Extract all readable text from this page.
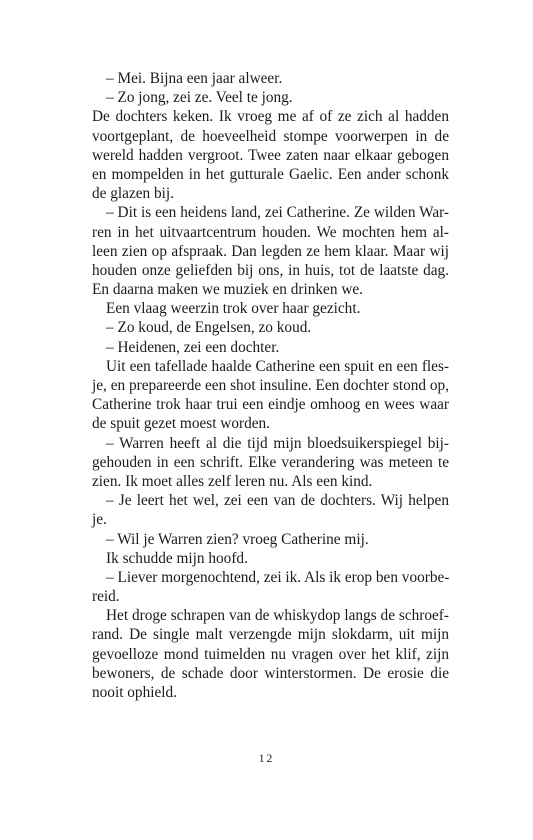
– Mei. Bijna een jaar alweer.
– Zo jong, zei ze. Veel te jong.
De dochters keken. Ik vroeg me af of ze zich al hadden
voortgeplant, de hoeveelheid stompe voorwerpen in de
wereld hadden vergroot. Twee zaten naar elkaar gebogen
en mompelden in het gutturale Gaelic. Een ander schonk
de glazen bij.
– Dit is een heidens land, zei Catherine. Ze wilden War-
ren in het uitvaartcentrum houden. We mochten hem al-
leen zien op afspraak. Dan legden ze hem klaar. Maar wij
houden onze geliefden bij ons, in huis, tot de laatste dag.
En daarna maken we muziek en drinken we.
Een vlaag weerzin trok over haar gezicht.
– Zo koud, de Engelsen, zo koud.
– Heidenen, zei een dochter.
Uit een tafellade haalde Catherine een spuit en een fles-
je, en prepareerde een shot insuline. Een dochter stond op,
Catherine trok haar trui een eindje omhoog en wees waar
de spuit gezet moest worden.
– Warren heeft al die tijd mijn bloedsuikerspiegel bij-
gehouden in een schrift. Elke verandering was meteen te
zien. Ik moet alles zelf leren nu. Als een kind.
– Je leert het wel, zei een van de dochters. Wij helpen
je.
– Wil je Warren zien? vroeg Catherine mij.
Ik schudde mijn hoofd.
– Liever morgenochtend, zei ik. Als ik erop ben voorbe-
reid.
Het droge schrapen van de whiskydop langs de schroef-
rand. De single malt verzengde mijn slokdarm, uit mijn
gevoelloze mond tuimelden nu vragen over het klif, zijn
bewoners, de schade door winterstormen. De erosie die
nooit ophield.
12
